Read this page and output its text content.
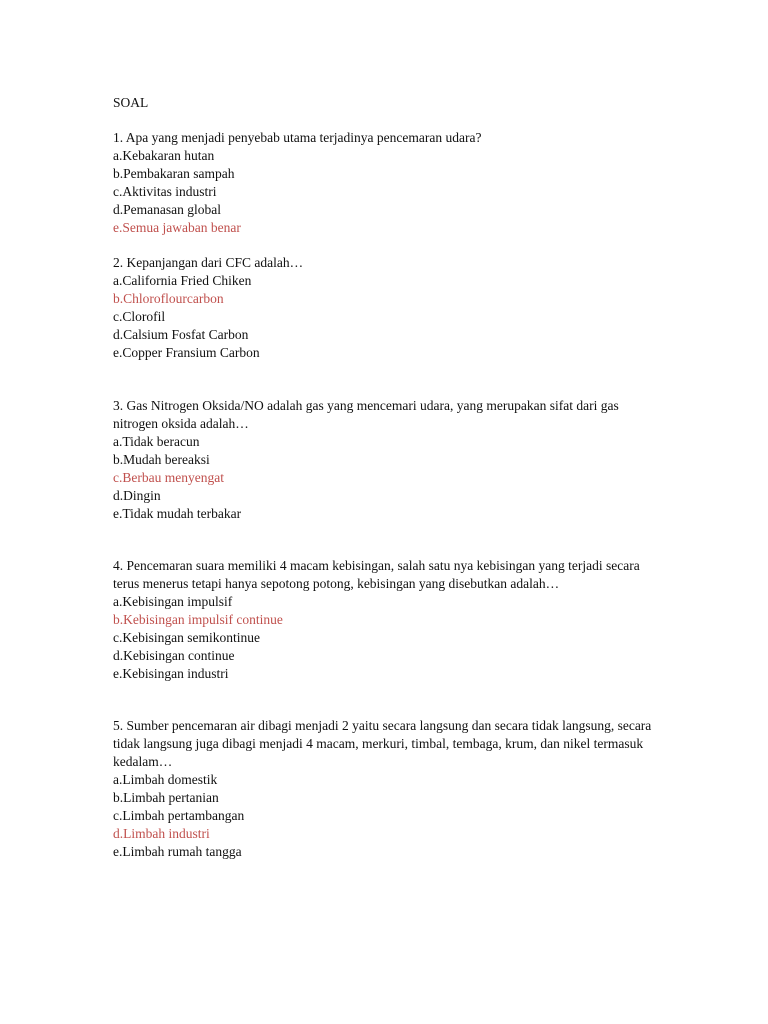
SOAL

1. Apa yang menjadi penyebab utama terjadinya pencemaran udara?

a.Kebakaran hutan

b.Pembakaran sampah

c.Aktivitas industri

d.Pemanasan global

e.Semua jawaban benar

2. Kepanjangan dari CFC adalah…

a.California Fried Chiken

b.Chloroflourcarbon

c.Clorofil

d.Calsium Fosfat Carbon

e.Copper Fransium Carbon

3. Gas Nitrogen Oksida/NO adalah gas yang mencemari udara, yang merupakan sifat dari gas nitrogen oksida adalah…

a.Tidak beracun

b.Mudah bereaksi

c.Berbau menyengat

d.Dingin

e.Tidak mudah terbakar

4. Pencemaran suara memiliki 4 macam kebisingan, salah satu nya kebisingan yang terjadi secara terus menerus tetapi hanya sepotong potong, kebisingan yang disebutkan adalah…

a.Kebisingan impulsif

b.Kebisingan impulsif continue

c.Kebisingan semikontinue

d.Kebisingan continue

e.Kebisingan industri

5. Sumber pencemaran air dibagi menjadi 2 yaitu secara langsung dan secara tidak langsung, secara tidak langsung juga dibagi menjadi 4 macam, merkuri, timbal, tembaga, krum, dan nikel termasuk kedalam…

a.Limbah domestik

b.Limbah pertanian

c.Limbah pertambangan

d.Limbah industri

e.Limbah rumah tangga
